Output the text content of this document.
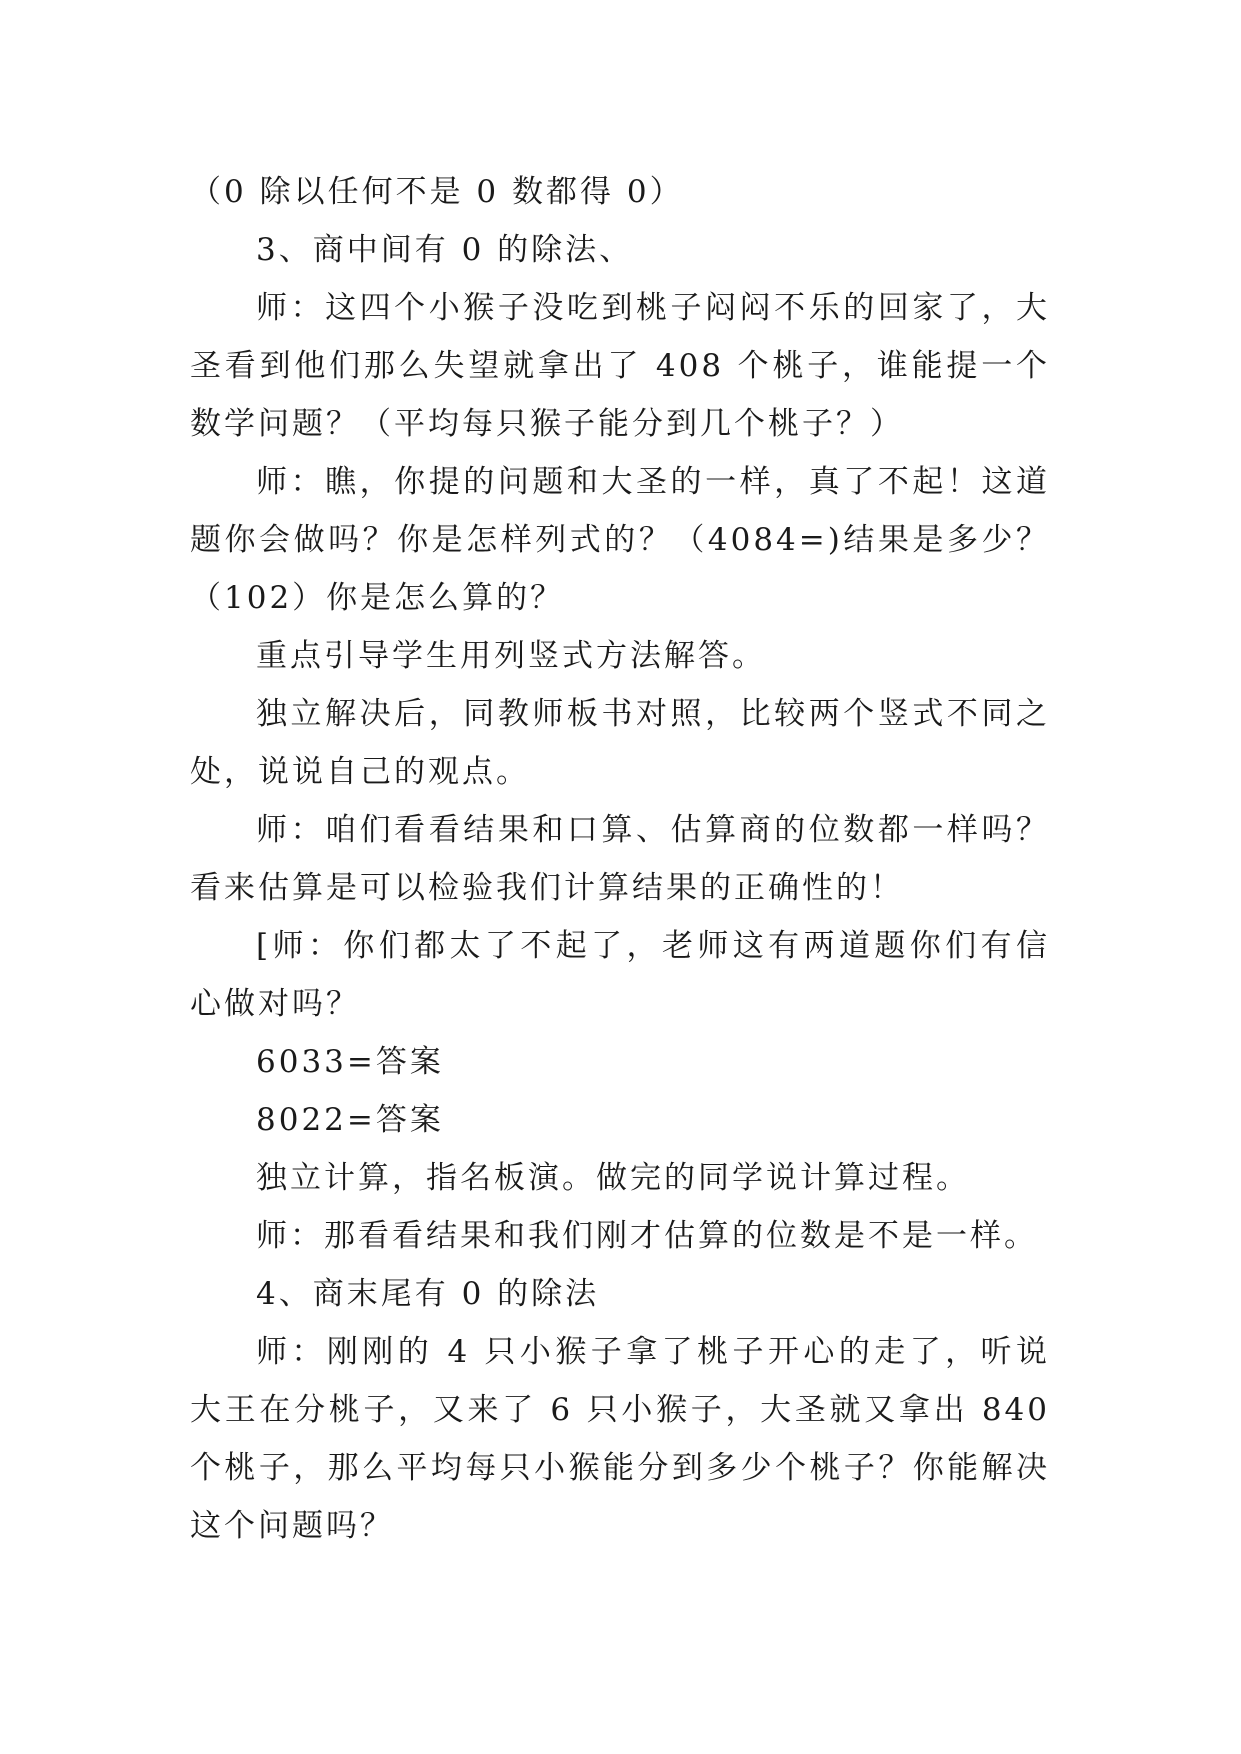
（0 除以任何不是 0 数都得 0）

3、商中间有 0 的除法、

师：这四个小猴子没吃到桃子闷闷不乐的回家了，大圣看到他们那么失望就拿出了 408 个桃子，谁能提一个数学问题？（平均每只猴子能分到几个桃子？）

师：瞧，你提的问题和大圣的一样，真了不起！这道题你会做吗？你是怎样列式的？（4084=)结果是多少？（102）你是怎么算的？

重点引导学生用列竖式方法解答。

独立解决后，同教师板书对照，比较两个竖式不同之处，说说自己的观点。

师：咱们看看结果和口算、估算商的位数都一样吗？看来估算是可以检验我们计算结果的正确性的！

[师：你们都太了不起了，老师这有两道题你们有信心做对吗？

6033=答案

8022=答案

独立计算，指名板演。做完的同学说计算过程。

师：那看看结果和我们刚才估算的位数是不是一样。

4、商末尾有 0 的除法

师：刚刚的 4 只小猴子拿了桃子开心的走了，听说大王在分桃子，又来了 6 只小猴子，大圣就又拿出 840 个桃子，那么平均每只小猴能分到多少个桃子？你能解决这个问题吗？
